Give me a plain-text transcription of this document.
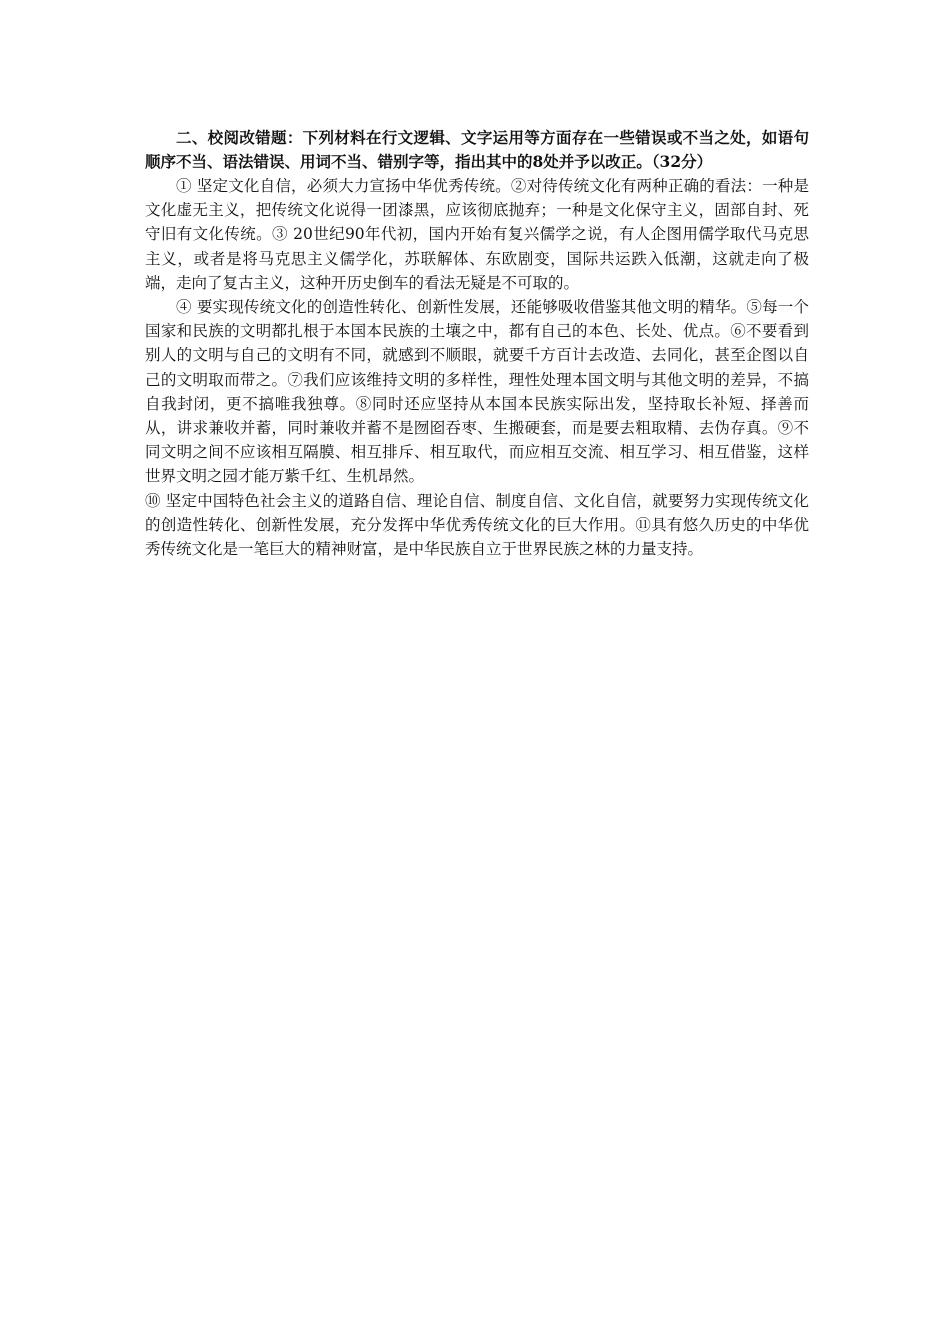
二、校阅改错题：下列材料在行文逻辑、文字运用等方面存在一些错误或不当之处，如语句顺序不当、语法错误、用词不当、错别字等，指出其中的8处并予以改正。（32分）

① 坚定文化自信，必须大力宣扬中华优秀传统。②对待传统文化有两种正确的看法：一种是文化虚无主义，把传统文化说得一团漆黑，应该彻底抛弃；一种是文化保守主义，固部自封、死守旧有文化传统。③ 20世纪90年代初，国内开始有复兴儒学之说，有人企图用儒学取代马克思主义，或者是将马克思主义儒学化，苏联解体、东欧剧变，国际共运跌入低潮，这就走向了极端，走向了复古主义，这种开历史倒车的看法无疑是不可取的。

④ 要实现传统文化的创造性转化、创新性发展，还能够吸收借鉴其他文明的精华。⑤每一个国家和民族的文明都扎根于本国本民族的土壤之中，都有自己的本色、长处、优点。⑥不要看到别人的文明与自己的文明有不同，就感到不顺眼，就要千方百计去改造、去同化，甚至企图以自己的文明取而带之。⑦我们应该维持文明的多样性，理性处理本国文明与其他文明的差异，不搞自我封闭，更不搞唯我独尊。⑧同时还应坚持从本国本民族实际出发，坚持取长补短、择善而从，讲求兼收并蓄，同时兼收并蓄不是囫囵吞枣、生搬硬套，而是要去粗取精、去伪存真。⑨不同文明之间不应该相互隔膜、相互排斥、相互取代，而应相互交流、相互学习、相互借鉴，这样世界文明之园才能万紫千红、生机昂然。

⑩ 坚定中国特色社会主义的道路自信、理论自信、制度自信、文化自信，就要努力实现传统文化的创造性转化、创新性发展，充分发挥中华优秀传统文化的巨大作用。⑪具有悠久历史的中华优秀传统文化是一笔巨大的精神财富，是中华民族自立于世界民族之林的力量支持。
